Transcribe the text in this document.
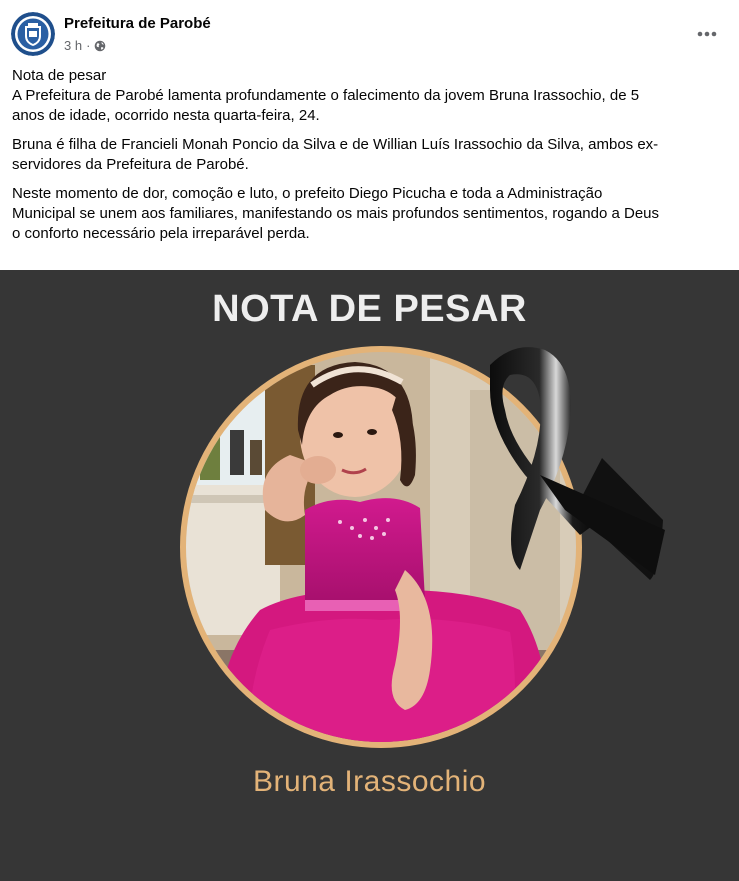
Prefeitura de Parobé
3 h ·

Nota de pesar
A Prefeitura de Parobé lamenta profundamente o falecimento da jovem Bruna Irassochio, de 5
anos de idade, ocorrido nesta quarta-feira, 24.

Bruna é filha de Francieli Monah Poncio da Silva e de Willian Luís Irassochio da Silva, ambos ex-
servidores da Prefeitura de Parobé.

Neste momento de dor, comoção e luto, o prefeito Diego Picucha e toda a Administração
Municipal se unem aos familiares, manifestando os mais profundos sentimentos, rogando a Deus
o conforto necessário pela irreparável perda.

NOTA DE PESAR
Bruna Irassochio
